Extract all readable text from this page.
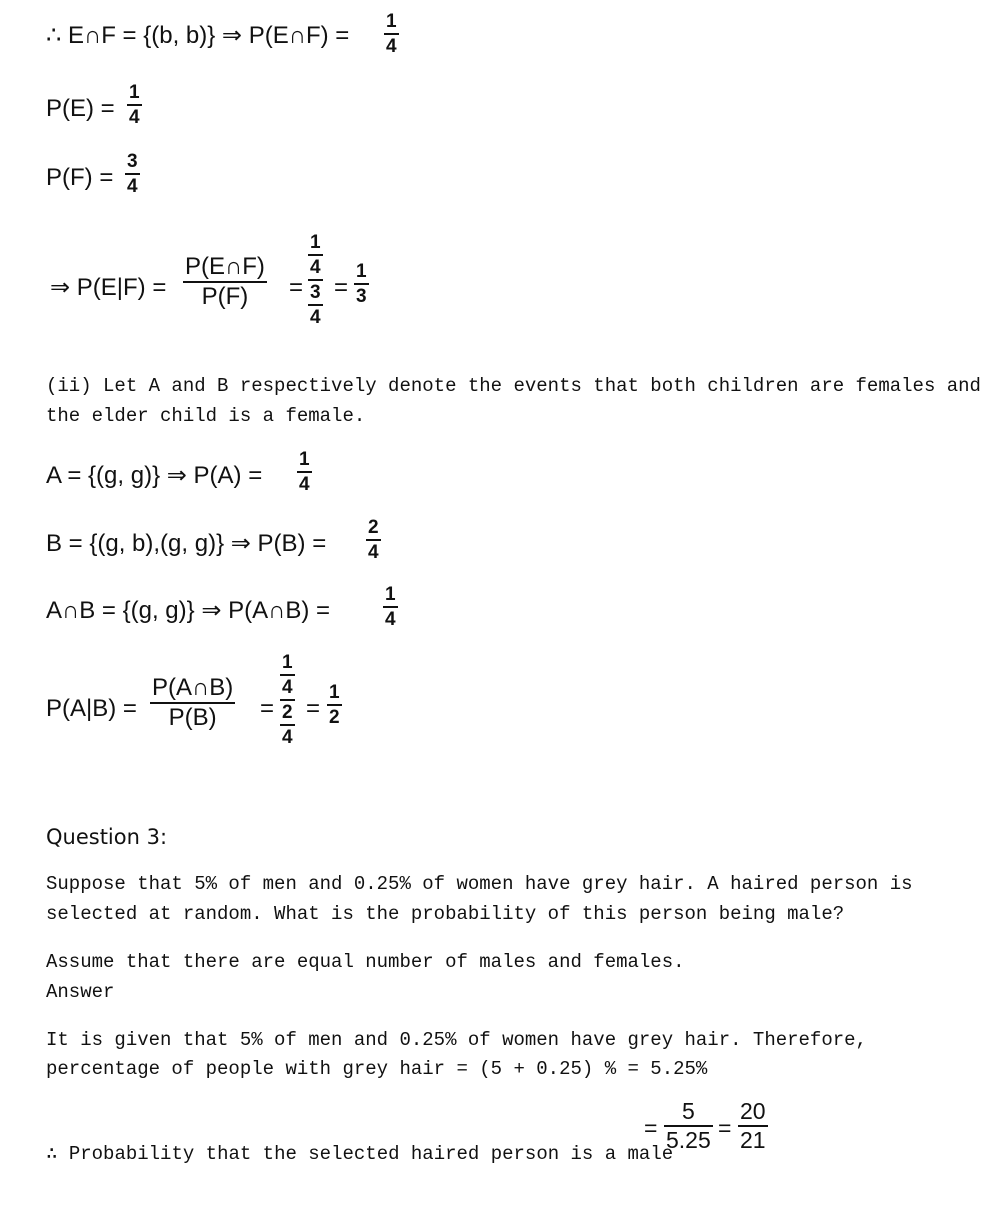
∴ E∩F = {(b, b)} ⇒ P(E∩F) =
1
4
P(E) =
1
4
P(F) =
3
4
⇒ P(E|F) =
P(E∩F)
P(F) =
1
4
3
4
=
1
3
(ii) Let A and B respectively denote the events that both children are females and
the elder child is a female.
A = {(g, g)} ⇒ P(A) =
1
4
B = {(g, b),(g, g)} ⇒ P(B) =
2
4
A∩B = {(g, g)} ⇒ P(A∩B) =
1
4
P(A|B) =
P(A∩B)
P(B) =
1
4
2
4
=
1
2
Question 3:
Suppose that 5% of men and 0.25% of women have grey hair. A haired person is
selected at random. What is the probability of this person being male?
Assume that there are equal number of males and females.
Answer
It is given that 5% of men and 0.25% of women have grey hair. Therefore,
percentage of people with grey hair = (5 + 0.25) % = 5.25%
∴ Probability that the selected haired person is a male
=
5
5.25 =
20
21
